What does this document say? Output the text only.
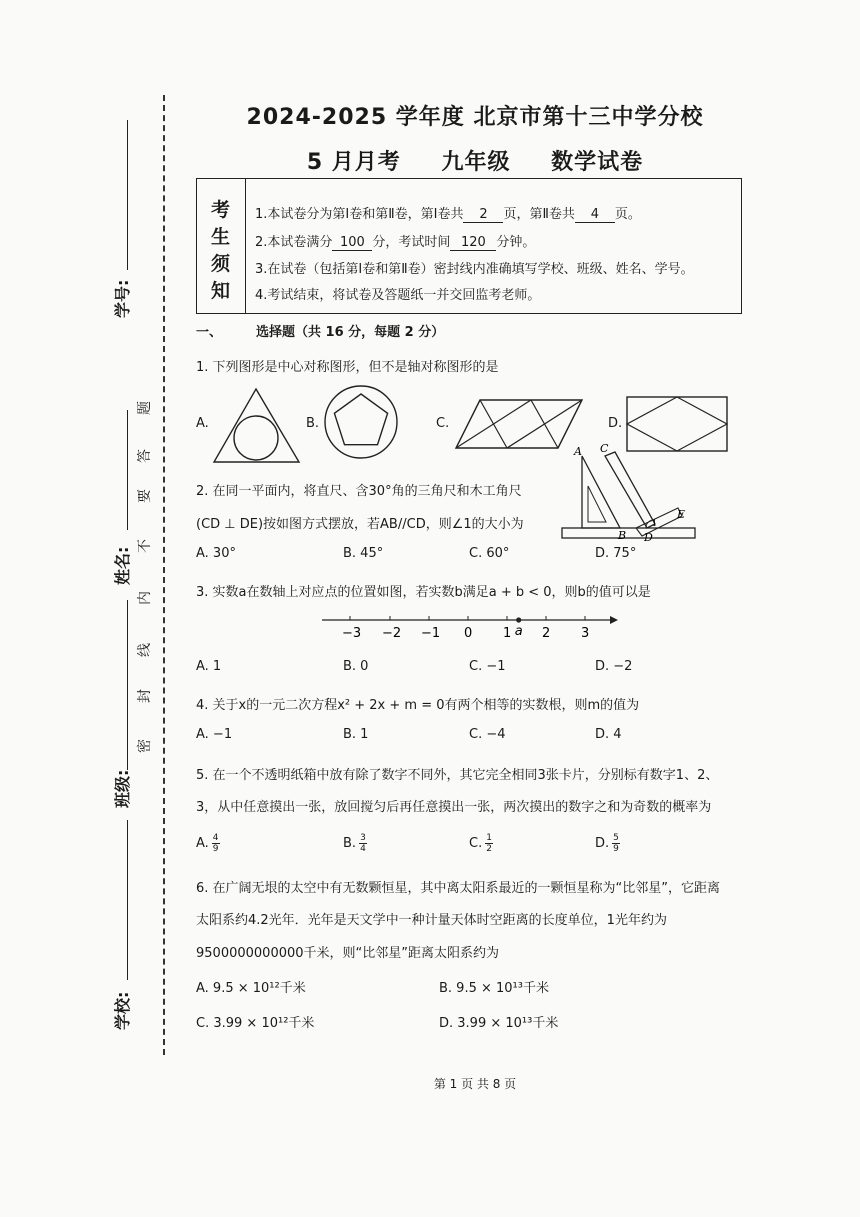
学号:
姓名:
班级:
学校:
题
答
要
不
内
线
封
密
2024-2025 学年度 北京市第十三中学分校
5 月月考 九年级 数学试卷
考
生
须
知
1.本试卷分为第Ⅰ卷和第Ⅱ卷，第Ⅰ卷共 2 页，第Ⅱ卷共 4 页。
2.本试卷满分 100 分，考试时间 120 分钟。
3.在试卷（包括第Ⅰ卷和第Ⅱ卷）密封线内准确填写学校、班级、姓名、学号。
4.考试结束，将试卷及答题纸一并交回监考老师。
一、	选择题（共 16 分，每题 2 分）
1. 下列图形是中心对称图形，但不是轴对称图形的是
A.	B.	C.	D.
2. 在同一平面内，将直尺、含30°角的三角尺和木工角尺
(CD ⊥ DE)按如图方式摆放，若AB//CD，则∠1的大小为
A C
E
B D
1
A. 30°	B. 45°	C. 60°	D. 75°
3. 实数a在数轴上对应点的位置如图，若实数b满足a + b < 0，则b的值可以是
−3 −2 −1 0 1 a 2 3
A. 1	B. 0	C. −1	D. −2
4. 关于x的一元二次方程x² + 2x + m = 0有两个相等的实数根，则m的值为
A. −1	B. 1	C. −4	D. 4
5. 在一个不透明纸箱中放有除了数字不同外，其它完全相同3张卡片，分别标有数字1、2、
3，从中任意摸出一张，放回搅匀后再任意摸出一张，两次摸出的数字之和为奇数的概率为
A. $\frac{4}{9}$	B. $\frac{3}{4}$	C. $\frac{1}{2}$	D. $\frac{5}{9}$
6. 在广阔无垠的太空中有无数颗恒星，其中离太阳系最近的一颗恒星称为“比邻星”，它距离
太阳系约4.2光年．光年是天文学中一种计量天体时空距离的长度单位，1光年约为
9500000000000千米，则“比邻星”距离太阳系约为
A. 9.5 × 10¹²千米	B. 9.5 × 10¹³千米
C. 3.99 × 10¹²千米	D. 3.99 × 10¹³千米
第 1 页 共 8 页
